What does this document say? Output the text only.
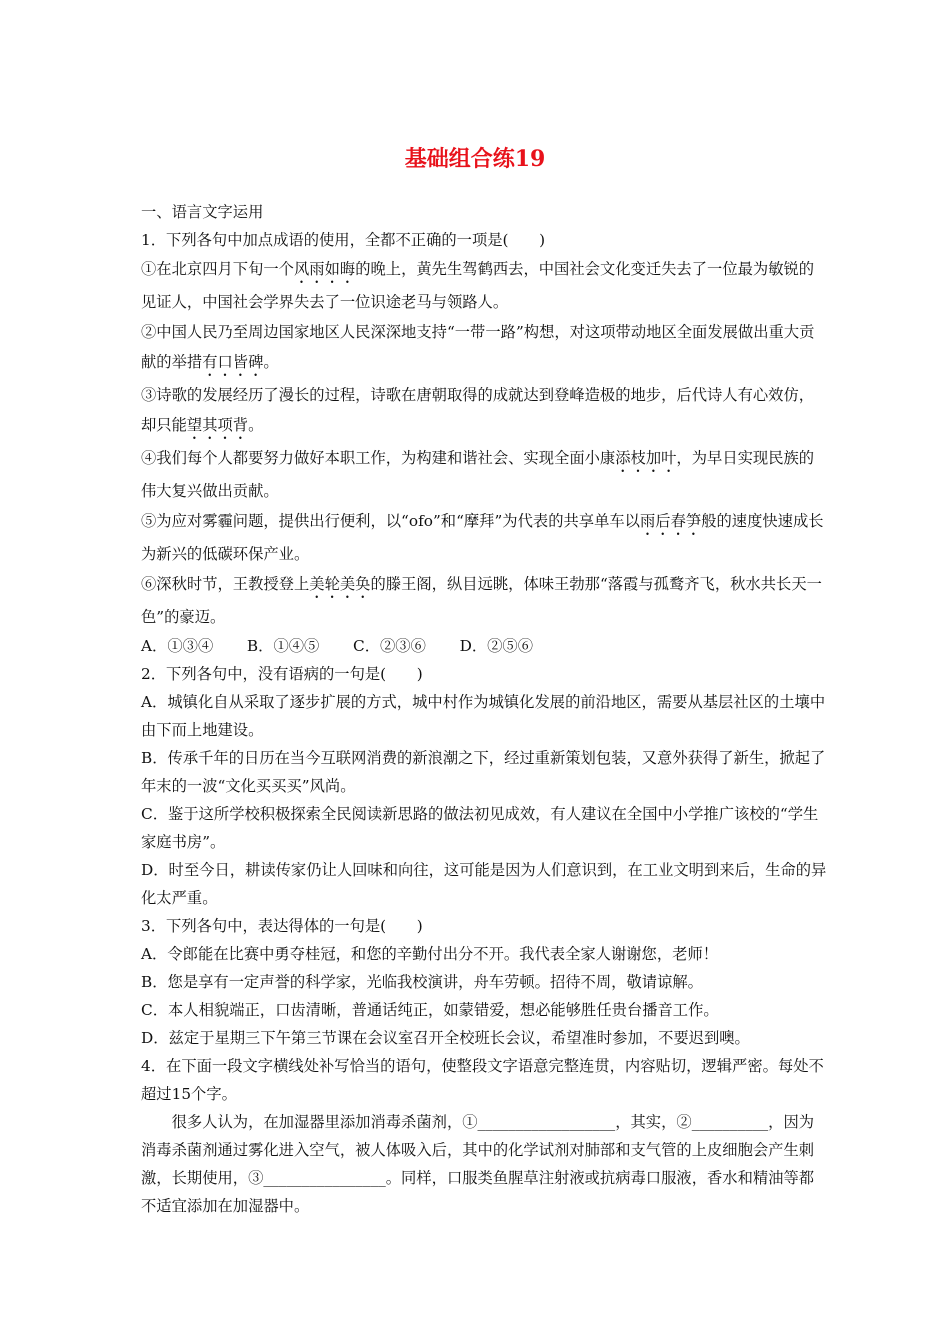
基础组合练19

一、语言文字运用

1．下列各句中加点成语的使用，全都不正确的一项是(　　)

①在北京四月下旬一个风雨如晦的晚上，黄先生驾鹤西去，中国社会文化变迁失去了一位最为敏锐的见证人，中国社会学界失去了一位识途老马与领路人。

②中国人民乃至周边国家地区人民深深地支持“一带一路”构想，对这项带动地区全面发展做出重大贡献的举措有口皆碑。

③诗歌的发展经历了漫长的过程，诗歌在唐朝取得的成就达到登峰造极的地步，后代诗人有心效仿，却只能望其项背。

④我们每个人都要努力做好本职工作，为构建和谐社会、实现全面小康添枝加叶，为早日实现民族的伟大复兴做出贡献。

⑤为应对雾霾问题，提供出行便利，以“ofo”和“摩拜”为代表的共享单车以雨后春笋般的速度快速成长为新兴的低碳环保产业。

⑥深秋时节，王教授登上美轮美奂的滕王阁，纵目远眺，体味王勃那“落霞与孤鹜齐飞，秋水共长天一色”的豪迈。

A．①③④ B．①④⑤ C．②③⑥ D．②⑤⑥

2．下列各句中，没有语病的一句是(　　)

A．城镇化自从采取了逐步扩展的方式，城中村作为城镇化发展的前沿地区，需要从基层社区的土壤中由下而上地建设。

B．传承千年的日历在当今互联网消费的新浪潮之下，经过重新策划包装，又意外获得了新生，掀起了年末的一波“文化买买买”风尚。

C．鉴于这所学校积极探索全民阅读新思路的做法初见成效，有人建议在全国中小学推广该校的“学生家庭书房”。

D．时至今日，耕读传家仍让人回味和向往，这可能是因为人们意识到，在工业文明到来后，生命的异化太严重。

3．下列各句中，表达得体的一句是(　　)

A．令郎能在比赛中勇夺桂冠，和您的辛勤付出分不开。我代表全家人谢谢您，老师！

B．您是享有一定声誉的科学家，光临我校演讲，舟车劳顿。招待不周，敬请谅解。

C．本人相貌端正，口齿清晰，普通话纯正，如蒙错爱，想必能够胜任贵台播音工作。

D．兹定于星期三下午第三节课在会议室召开全校班长会议，希望准时参加，不要迟到噢。

4．在下面一段文字横线处补写恰当的语句，使整段文字语意完整连贯，内容贴切，逻辑严密。每处不超过15个字。

很多人认为，在加湿器里添加消毒杀菌剂，①__________________，其实，②__________，因为消毒杀菌剂通过雾化进入空气，被人体吸入后，其中的化学试剂对肺部和支气管的上皮细胞会产生刺激，长期使用，③________________。同样，口服类鱼腥草注射液或抗病毒口服液，香水和精油等都不适宜添加在加湿器中。
